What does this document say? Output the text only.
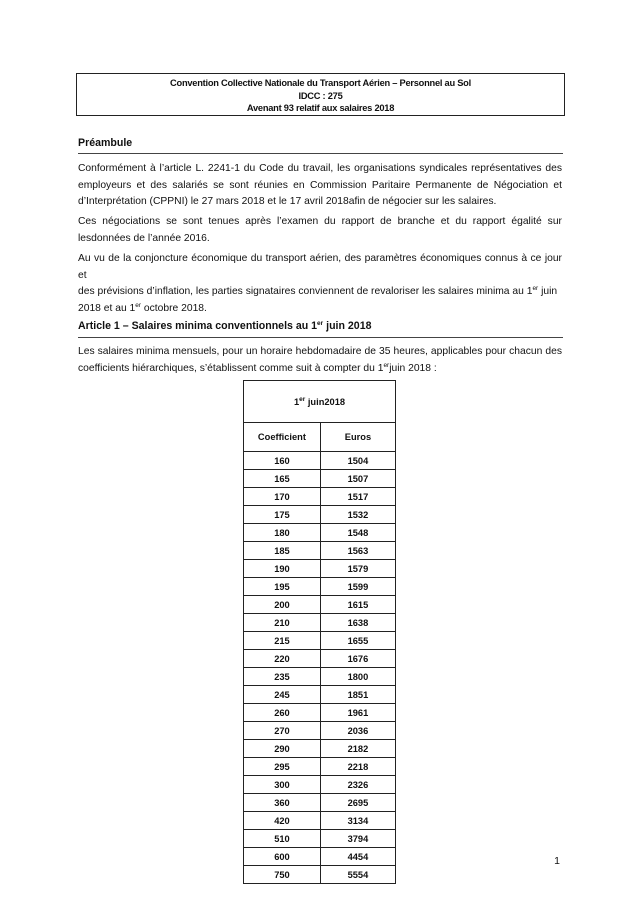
Convention Collective Nationale du Transport Aérien – Personnel au Sol
IDCC : 275
Avenant 93 relatif aux salaires 2018
Préambule
Conformément à l’article L. 2241-1 du Code du travail, les organisations syndicales représentatives des
employeurs et des salariés se sont réunies en Commission Paritaire Permanente de Négociation et
d’Interprétation (CPPNI) le 27 mars 2018 et le 17 avril 2018afin de négocier sur les salaires.
Ces négociations se sont tenues après l’examen du rapport de branche et du rapport égalité sur
lesdonnées de l’année 2016.
Au vu de la conjoncture économique du transport aérien, des paramètres économiques connus à ce jour et
des prévisions d’inflation, les parties signataires conviennent de revaloriser les salaires minima au 1er juin
2018 et au 1er octobre 2018.
Article 1 – Salaires minima conventionnels au 1er juin 2018
Les salaires minima mensuels, pour un horaire hebdomadaire de 35 heures, applicables pour chacun des
coefficients hiérarchiques, s’établissent comme suit à compter du 1erjuin 2018 :
1er juin2018	
Coefficient	Euros
160	1504
165	1507
170	1517
175	1532
180	1548
185	1563
190	1579
195	1599
200	1615
210	1638
215	1655
220	1676
235	1800
245	1851
260	1961
270	2036
290	2182
295	2218
300	2326
360	2695
420	3134
510	3794
600	4454
750	5554
1
